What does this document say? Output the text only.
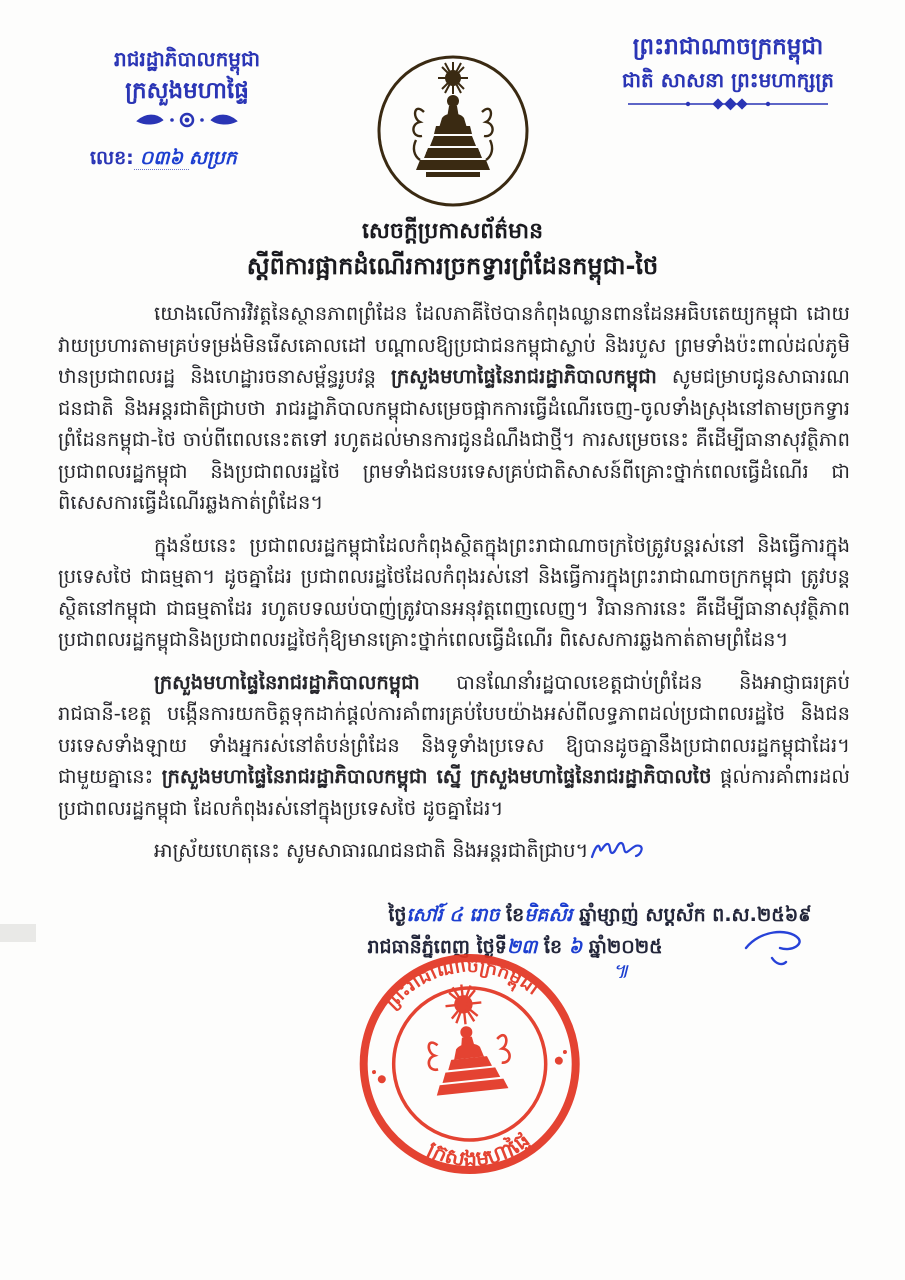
រាជរដ្ឋាភិបាលកម្ពុជា
ក្រសួងមហាផ្ទៃ
លេខ: ០៣៦ សប្រក
ព្រះរាជាណាចក្រកម្ពុជា
ជាតិ សាសនា ព្រះមហាក្សត្រ
សេចក្តីប្រកាសព័ត៌មាន
ស្តីពីការផ្អាកដំណើរការច្រកទ្វារព្រំដែនកម្ពុជា-ថៃ

យោងលើការវិវត្តនៃស្ថានភាពព្រំដែន ដែលភាគីថៃបានកំពុងឈ្លានពានដែនអធិបតេយ្យកម្ពុជា ដោយវាយប្រហារតាមគ្រប់ទម្រង់មិនរើសគោលដៅ បណ្តាលឱ្យប្រជាជនកម្ពុជាស្លាប់ និងរបួស ព្រមទាំងប៉ះពាល់ដល់ភូមិឋានប្រជាពលរដ្ឋ និងហេដ្ឋារចនាសម្ព័ន្ធរូបវន្ត ក្រសួងមហាផ្ទៃនៃរាជរដ្ឋាភិបាលកម្ពុជា សូមជម្រាបជូនសាធារណជនជាតិ និងអន្តរជាតិជ្រាបថា រាជរដ្ឋាភិបាលកម្ពុជាសម្រេចផ្អាកការធ្វើដំណើរចេញ-ចូលទាំងស្រុងនៅតាមច្រកទ្វារព្រំដែនកម្ពុជា-ថៃ ចាប់ពីពេលនេះតទៅ រហូតដល់មានការជូនដំណឹងជាថ្មី។ ការសម្រេចនេះ គឺដើម្បីធានាសុវត្ថិភាពប្រជាពលរដ្ឋកម្ពុជា និងប្រជាពលរដ្ឋថៃ ព្រមទាំងជនបរទេសគ្រប់ជាតិសាសន៍ពីគ្រោះថ្នាក់ពេលធ្វើដំណើរ ជាពិសេសការធ្វើដំណើរឆ្លងកាត់ព្រំដែន។

ក្នុងន័យនេះ ប្រជាពលរដ្ឋកម្ពុជាដែលកំពុងស្ថិតក្នុងព្រះរាជាណាចក្រថៃត្រូវបន្តរស់នៅ និងធ្វើការក្នុងប្រទេសថៃ ជាធម្មតា។ ដូចគ្នាដែរ ប្រជាពលរដ្ឋថៃដែលកំពុងរស់នៅ និងធ្វើការក្នុងព្រះរាជាណាចក្រកម្ពុជា ត្រូវបន្តស្ថិតនៅកម្ពុជា ជាធម្មតាដែរ រហូតបទឈប់បាញ់ត្រូវបានអនុវត្តពេញលេញ។ វិធានការនេះ គឺដើម្បីធានាសុវត្ថិភាពប្រជាពលរដ្ឋកម្ពុជានិងប្រជាពលរដ្ឋថៃកុំឱ្យមានគ្រោះថ្នាក់ពេលធ្វើដំណើរ ពិសេសការឆ្លងកាត់តាមព្រំដែន។

ក្រសួងមហាផ្ទៃនៃរាជរដ្ឋាភិបាលកម្ពុជា បានណែនាំរដ្ឋបាលខេត្តជាប់ព្រំដែន និងអាជ្ញាធរគ្រប់រាជធានី-ខេត្ត បង្កើនការយកចិត្តទុកដាក់ផ្តល់ការគាំពារគ្រប់បែបយ៉ាងអស់ពីលទ្ធភាពដល់ប្រជាពលរដ្ឋថៃ និងជនបរទេសទាំងឡាយ ទាំងអ្នករស់នៅតំបន់ព្រំដែន និងទូទាំងប្រទេស ឱ្យបានដូចគ្នានឹងប្រជាពលរដ្ឋកម្ពុជាដែរ។ ជាមួយគ្នានេះ ក្រសួងមហាផ្ទៃនៃរាជរដ្ឋាភិបាលកម្ពុជា ស្នើ ក្រសួងមហាផ្ទៃនៃរាជរដ្ឋាភិបាលថៃ ផ្តល់ការគាំពារដល់ប្រជាពលរដ្ឋកម្ពុជា ដែលកំពុងរស់នៅក្នុងប្រទេសថៃ ដូចគ្នាដែរ។

អាស្រ័យហេតុនេះ សូមសាធារណជនជាតិ និងអន្តរជាតិជ្រាប។

ថ្ងៃសៅរ៍ ៤ រោច ខែមិគសិរ ឆ្នាំម្សាញ់ សប្តស័ក ព.ស.២៥៦៩
រាជធានីភ្នំពេញ ថ្ងៃទី២៣ ខែ ៦ ឆ្នាំ២០២៥
៕
ព្រះរាជាណាចក្រកម្ពុជា
ក្រសួងមហាផ្ទៃ
